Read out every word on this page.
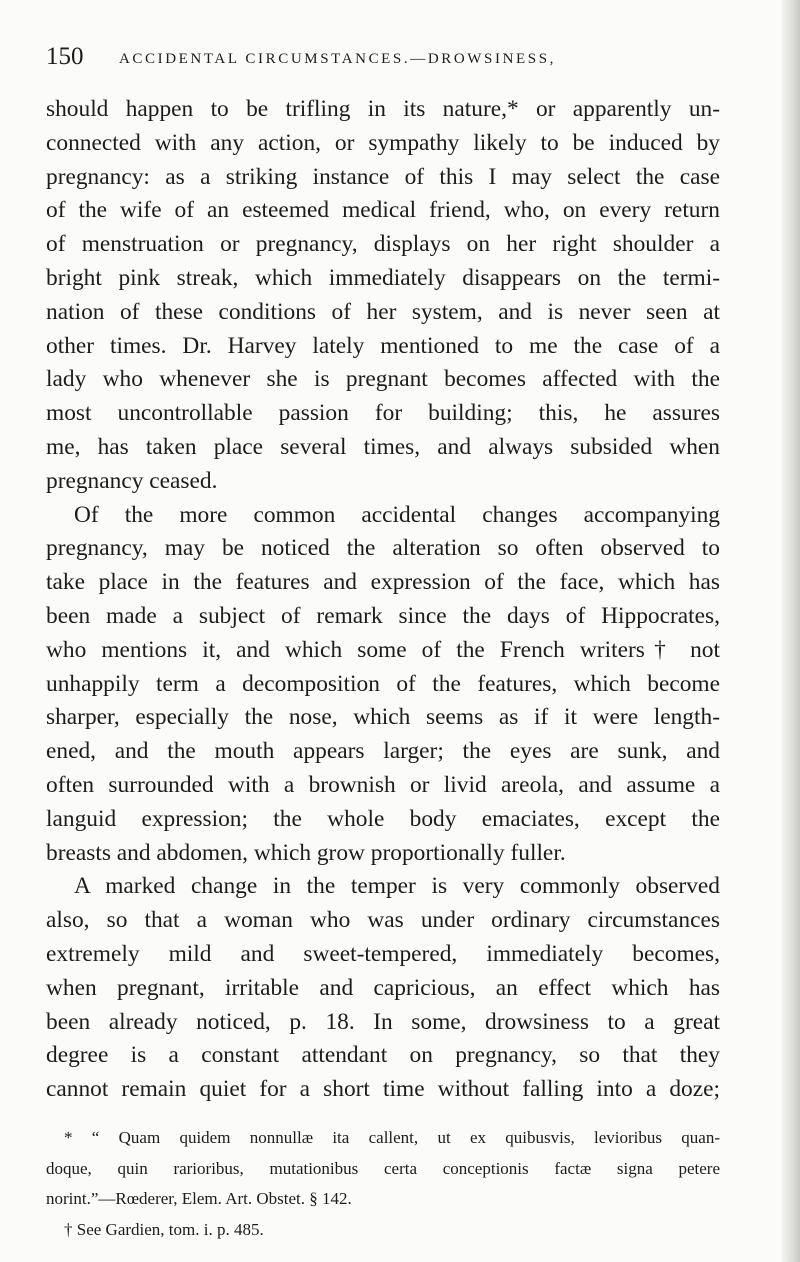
150 ACCIDENTAL CIRCUMSTANCES.—DROWSINESS,
should happen to be trifling in its nature,* or apparently un-
connected with any action, or sympathy likely to be induced by
pregnancy: as a striking instance of this I may select the case
of the wife of an esteemed medical friend, who, on every return
of menstruation or pregnancy, displays on her right shoulder a
bright pink streak, which immediately disappears on the termi-
nation of these conditions of her system, and is never seen at
other times. Dr. Harvey lately mentioned to me the case of a
lady who whenever she is pregnant becomes affected with the
most uncontrollable passion for building; this, he assures
me, has taken place several times, and always subsided when
pregnancy ceased.
Of the more common accidental changes accompanying
pregnancy, may be noticed the alteration so often observed to
take place in the features and expression of the face, which has
been made a subject of remark since the days of Hippocrates,
who mentions it, and which some of the French writers† not
unhappily term a decomposition of the features, which become
sharper, especially the nose, which seems as if it were length-
ened, and the mouth appears larger; the eyes are sunk, and
often surrounded with a brownish or livid areola, and assume a
languid expression; the whole body emaciates, except the
breasts and abdomen, which grow proportionally fuller.
A marked change in the temper is very commonly observed
also, so that a woman who was under ordinary circumstances
extremely mild and sweet-tempered, immediately becomes,
when pregnant, irritable and capricious, an effect which has
been already noticed, p. 18. In some, drowsiness to a great
degree is a constant attendant on pregnancy, so that they
cannot remain quiet for a short time without falling into a doze;
* “ Quam quidem nonnullæ ita callent, ut ex quibusvis, levioribus quan-
doque, quin rarioribus, mutationibus certa conceptionis factæ signa petere
norint.”—Rœderer, Elem. Art. Obstet. § 142.
† See Gardien, tom. i. p. 485.
